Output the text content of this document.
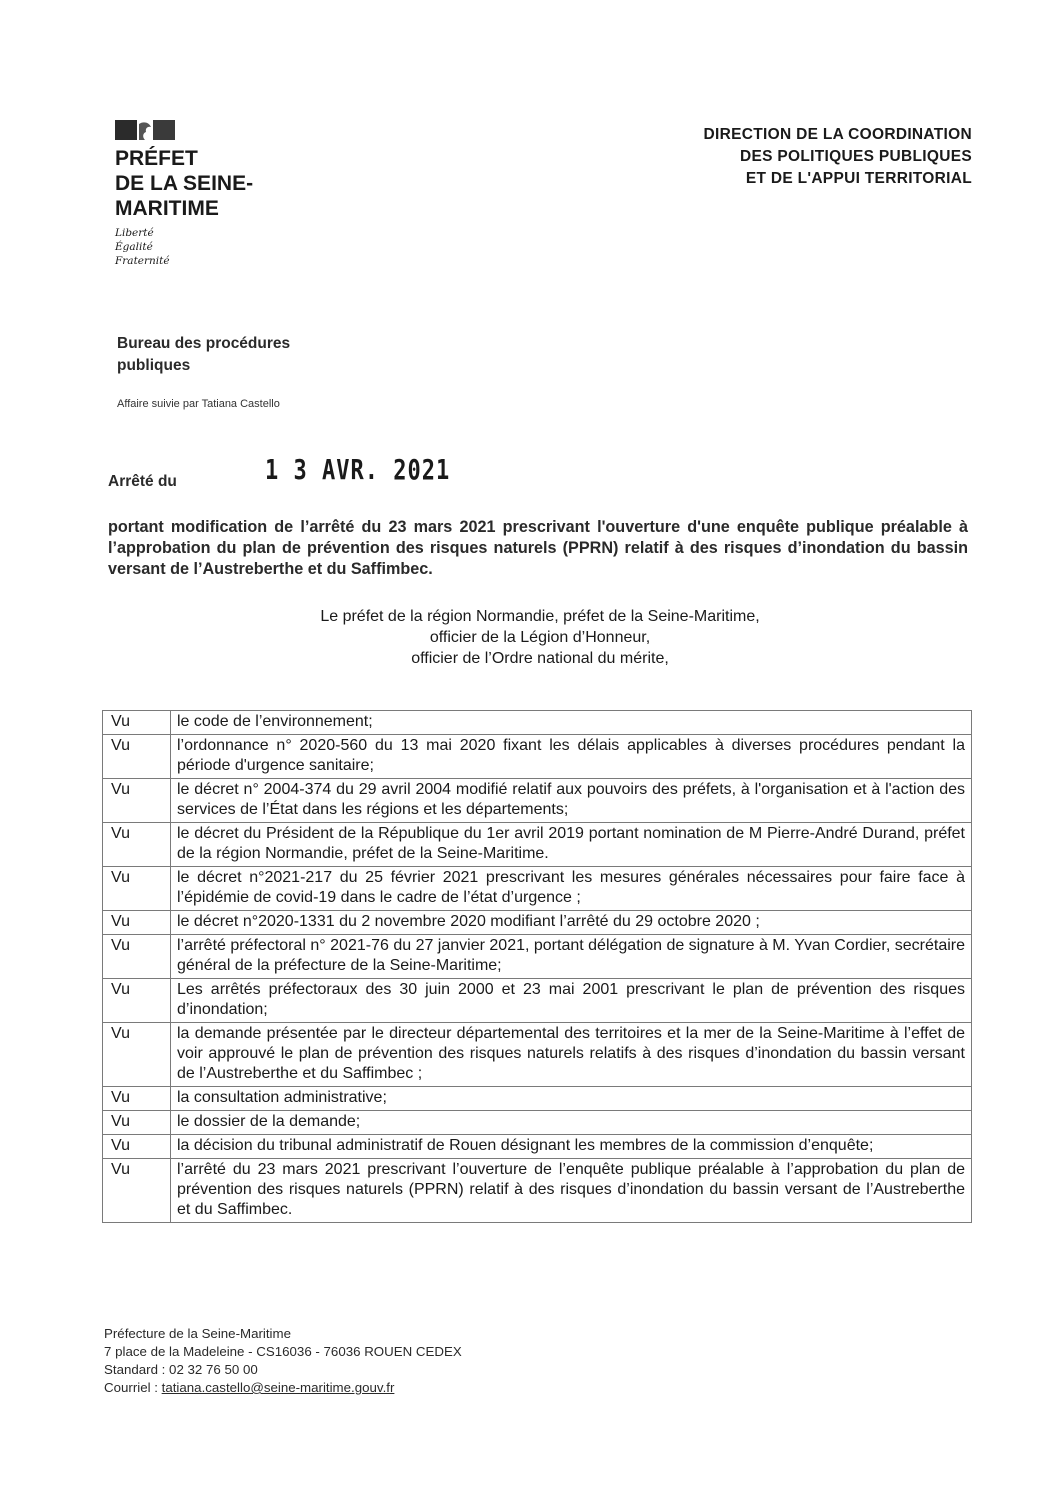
PRÉFET
DE LA SEINE-
MARITIME
Liberté
Égalité
Fraternité
DIRECTION DE LA COORDINATION
DES POLITIQUES PUBLIQUES
ET DE L'APPUI TERRITORIAL
Bureau des procédures
publiques
Affaire suivie par Tatiana Castello
Arrêté du	1 3 AVR. 2021
portant modification de l’arrêté du 23 mars 2021 prescrivant l'ouverture d'une enquête publique préalable à l’approbation du plan de prévention des risques naturels (PPRN) relatif à des risques d’inondation du bassin versant de l’Austreberthe et du Saffimbec.
Le préfet de la région Normandie, préfet de la Seine-Maritime,
officier de la Légion d’Honneur,
officier de l’Ordre national du mérite,
Vu	le code de l’environnement;
Vu	l’ordonnance n° 2020-560 du 13 mai 2020 fixant les délais applicables à diverses procédures pendant la période d'urgence sanitaire;
Vu	le décret n° 2004-374 du 29 avril 2004 modifié relatif aux pouvoirs des préfets, à l'organisation et à l'action des services de l’État dans les régions et les départements;
Vu	le décret du Président de la République du 1er avril 2019 portant nomination de M Pierre-André Durand, préfet de la région Normandie, préfet de la Seine-Maritime.
Vu	le décret n°2021-217 du 25 février 2021 prescrivant les mesures générales nécessaires pour faire face à l’épidémie de covid-19 dans le cadre de l’état d’urgence ;
Vu	le décret n°2020-1331 du 2 novembre 2020 modifiant l’arrêté du 29 octobre 2020 ;
Vu	l’arrêté préfectoral n° 2021-76 du 27 janvier 2021, portant délégation de signature à M. Yvan Cordier, secrétaire général de la préfecture de la Seine-Maritime;
Vu	Les arrêtés préfectoraux des 30 juin 2000 et 23 mai 2001 prescrivant le plan de prévention des risques d’inondation;
Vu	la demande présentée par le directeur départemental des territoires et la mer de la Seine-Maritime à l’effet de voir approuvé le plan de prévention des risques naturels relatifs à des risques d’inondation du bassin versant de l’Austreberthe et du Saffimbec ;
Vu	la consultation administrative;
Vu	le dossier de la demande;
Vu	la décision du tribunal administratif de Rouen désignant les membres de la commission d’enquête;
Vu	l’arrêté du 23 mars 2021 prescrivant l’ouverture de l’enquête publique préalable à l’approbation du plan de prévention des risques naturels (PPRN) relatif à des risques d’inondation du bassin versant de l’Austreberthe et du Saffimbec.
Préfecture de la Seine-Maritime
7 place de la Madeleine - CS16036 - 76036 ROUEN CEDEX
Standard : 02 32 76 50 00
Courriel : tatiana.castello@seine-maritime.gouv.fr
